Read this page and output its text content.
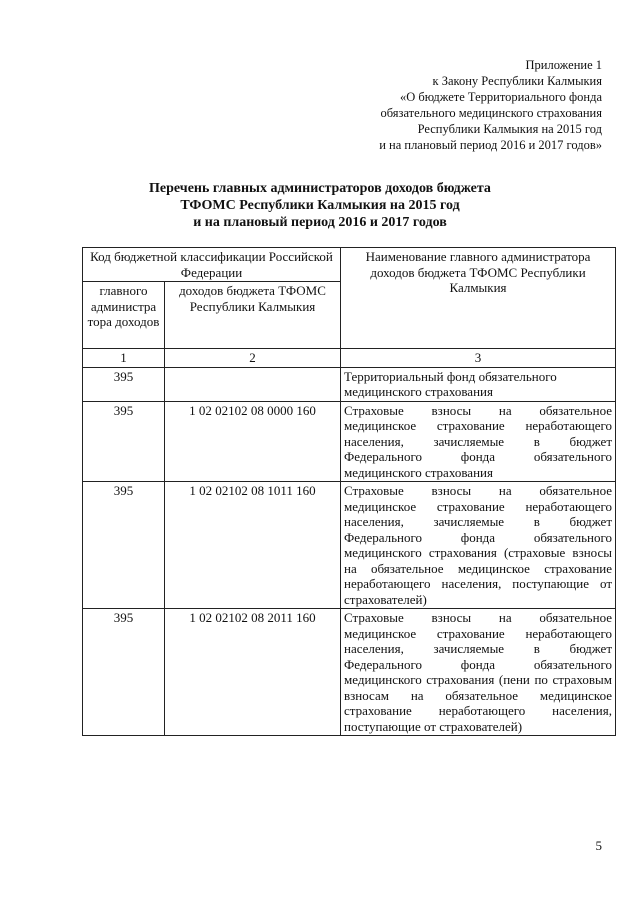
Приложение 1
к Закону Республики Калмыкия
«О бюджете Территориального фонда
обязательного медицинского страхования
Республики Калмыкия на 2015 год
и на плановый период 2016 и 2017 годов»
Перечень главных администраторов доходов бюджета
ТФОМС Республики Калмыкия на 2015 год
и на плановый период 2016 и 2017 годов
Код бюджетной классификации Российской Федерации		Наименование главного администратора доходов бюджета ТФОМС Республики Калмыкия
главного администра тора доходов	доходов бюджета ТФОМС Республики Калмыкия	
1	2	3
395		Территориальный фонд обязательного медицинского страхования
395	1 02 02102 08 0000 160	Страховые взносы на обязательное медицинское страхование неработающего населения, зачисляемые в бюджет Федерального фонда обязательного медицинского страхования
395	1 02 02102 08 1011 160	Страховые взносы на обязательное медицинское страхование неработающего населения, зачисляемые в бюджет Федерального фонда обязательного медицинского страхования (страховые взносы на обязательное медицинское страхование неработающего населения, поступающие от страхователей)
395	1 02 02102 08 2011 160	Страховые взносы на обязательное медицинское страхование неработающего населения, зачисляемые в бюджет Федерального фонда обязательного медицинского страхования (пени по страховым взносам на обязательное медицинское страхование неработающего населения, поступающие от страхователей)
5
